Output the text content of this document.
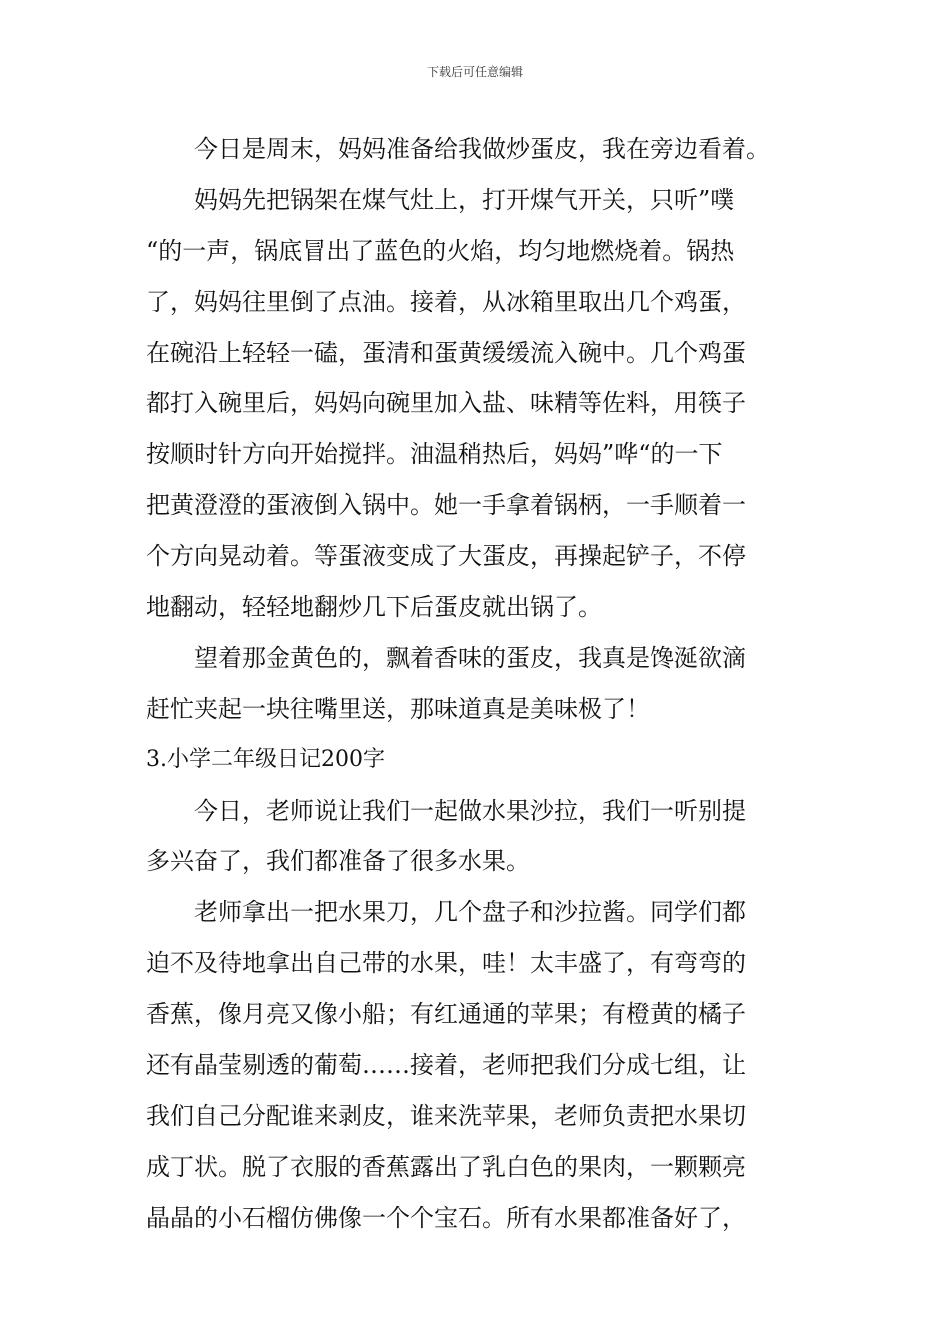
下载后可任意编辑
今日是周末，妈妈准备给我做炒蛋皮，我在旁边看着。
妈妈先把锅架在煤气灶上，打开煤气开关，只听”噗
“的一声，锅底冒出了蓝色的火焰，均匀地燃烧着。锅热
了，妈妈往里倒了点油。接着，从冰箱里取出几个鸡蛋，
在碗沿上轻轻一磕，蛋清和蛋黄缓缓流入碗中。几个鸡蛋
都打入碗里后，妈妈向碗里加入盐、味精等佐料，用筷子
按顺时针方向开始搅拌。油温稍热后，妈妈”哗“的一下
把黄澄澄的蛋液倒入锅中。她一手拿着锅柄，一手顺着一
个方向晃动着。等蛋液变成了大蛋皮，再操起铲子，不停
地翻动，轻轻地翻炒几下后蛋皮就出锅了。
望着那金黄色的，飘着香味的蛋皮，我真是馋涎欲滴
赶忙夹起一块往嘴里送，那味道真是美味极了！
3.小学二年级日记200字
今日，老师说让我们一起做水果沙拉，我们一听别提
多兴奋了，我们都准备了很多水果。
老师拿出一把水果刀，几个盘子和沙拉酱。同学们都
迫不及待地拿出自己带的水果，哇！太丰盛了，有弯弯的
香蕉，像月亮又像小船；有红通通的苹果；有橙黄的橘子
还有晶莹剔透的葡萄……接着，老师把我们分成七组，让
我们自己分配谁来剥皮，谁来洗苹果，老师负责把水果切
成丁状。脱了衣服的香蕉露出了乳白色的果肉，一颗颗亮
晶晶的小石榴仿佛像一个个宝石。所有水果都准备好了，
